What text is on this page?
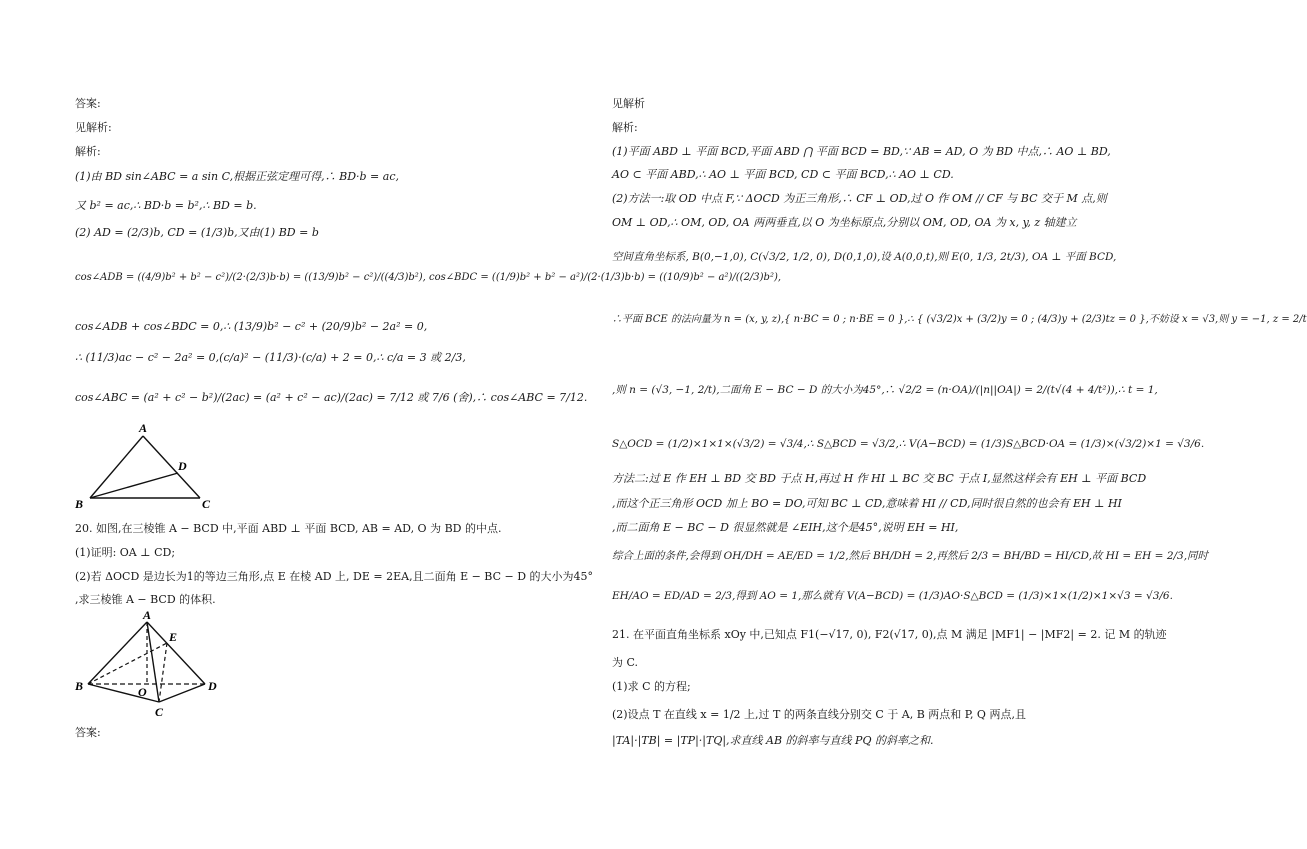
答案:
见解析:
解析:
(1)由 BD sin∠ABC = a sin C,根据正弦定理可得,∴ BD·b = ac,
又 b² = ac,∴ BD·b = b²,∴ BD = b.
(2) AD = (2/3)b, CD = (1/3)b,又由(1) BD = b
cos∠ADB = ((4/9)b² + b² − c²)/(2·(2/3)b·b) = ((13/9)b² − c²)/((4/3)b²), cos∠BDC = ((1/9)b² + b² − a²)/(2·(1/3)b·b) = ((10/9)b² − a²)/((2/3)b²),
cos∠ADB + cos∠BDC = 0,∴ (13/9)b² − c² + (20/9)b² − 2a² = 0,
∴ (11/3)ac − c² − 2a² = 0,(c/a)² − (11/3)·(c/a) + 2 = 0,∴ c/a = 3 或 2/3,
cos∠ABC = (a² + c² − b²)/(2ac) = (a² + c² − ac)/(2ac) = 7/12 或 7/6 (舍),∴ cos∠ABC = 7/12.
A
D
B	C
20. 如图,在三棱锥 A − BCD 中,平面 ABD ⊥ 平面 BCD, AB = AD, O 为 BD 的中点.
(1)证明: OA ⊥ CD;
(2)若 ΔOCD 是边长为1的等边三角形,点 E 在棱 AD 上, DE = 2EA,且二面角 E − BC − D 的大小为45°
,求三棱锥 A − BCD 的体积.
A
E
B	O	D
C
答案:
见解析
解析:
(1)平面 ABD ⊥ 平面 BCD,平面 ABD ⋂ 平面 BCD = BD,∵ AB = AD, O 为 BD 中点,∴ AO ⊥ BD,
AO ⊂ 平面 ABD,∴ AO ⊥ 平面 BCD, CD ⊂ 平面 BCD,∴ AO ⊥ CD.
(2)方法一:取 OD 中点 F,∵ ΔOCD 为正三角形,∴ CF ⊥ OD,过 O 作 OM // CF 与 BC 交于 M 点,则
OM ⊥ OD,∴ OM, OD, OA 两两垂直,以 O 为坐标原点,分别以 OM, OD, OA 为 x, y, z 轴建立
空间直角坐标系, B(0,−1,0), C(√3/2, 1/2, 0), D(0,1,0),设 A(0,0,t),则 E(0, 1/3, 2t/3), OA ⊥ 平面 BCD,
∴平面 BCE 的法向量为 n = (x, y, z),{ n·BC = 0 ; n·BE = 0 },∴ { (√3/2)x + (3/2)y = 0 ; (4/3)y + (2/3)tz = 0 },不妨设 x = √3,则 y = −1, z = 2/t
,则 n = (√3, −1, 2/t),二面角 E − BC − D 的大小为45°,∴ √2/2 = (n·OA)/(|n||OA|) = 2/(t√(4 + 4/t²)),∴ t = 1,
S△OCD = (1/2)×1×1×(√3/2) = √3/4,∴ S△BCD = √3/2,∴ V(A−BCD) = (1/3)S△BCD·OA = (1/3)×(√3/2)×1 = √3/6.
方法二:过 E 作 EH ⊥ BD 交 BD 于点 H,再过 H 作 HI ⊥ BC 交 BC 于点 I,显然这样会有 EH ⊥ 平面 BCD
,而这个正三角形 OCD 加上 BO = DO,可知 BC ⊥ CD,意味着 HI // CD,同时很自然的也会有 EH ⊥ HI
,而二面角 E − BC − D 很显然就是 ∠EIH,这个是45°,说明 EH = HI,
综合上面的条件,会得到 OH/DH = AE/ED = 1/2,然后 BH/DH = 2,再然后 2/3 = BH/BD = HI/CD,故 HI = EH = 2/3,同时
EH/AO = ED/AD = 2/3,得到 AO = 1,那么就有 V(A−BCD) = (1/3)AO·S△BCD = (1/3)×1×(1/2)×1×√3 = √3/6.
21. 在平面直角坐标系 xOy 中,已知点 F1(−√17, 0), F2(√17, 0),点 M 满足 |MF1| − |MF2| = 2. 记 M 的轨迹
为 C.
(1)求 C 的方程;
(2)设点 T 在直线 x = 1/2 上,过 T 的两条直线分别交 C 于 A, B 两点和 P, Q 两点,且
|TA|·|TB| = |TP|·|TQ|,求直线 AB 的斜率与直线 PQ 的斜率之和.
